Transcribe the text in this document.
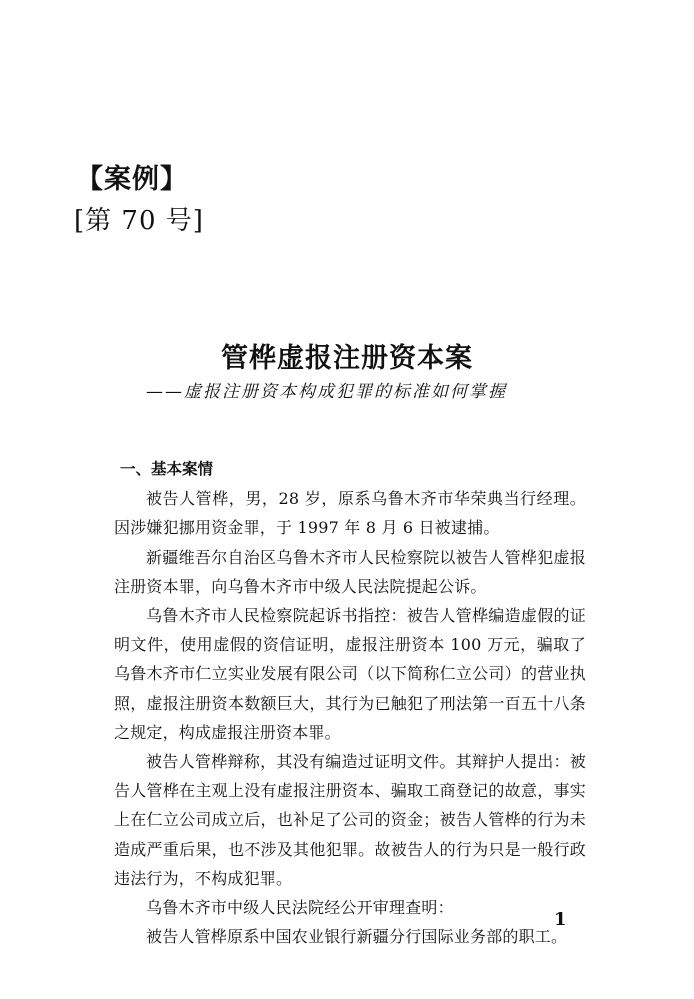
【案例】
[第 70 号]
管桦虚报注册资本案
——虚报注册资本构成犯罪的标准如何掌握
一、基本案情

被告人管桦，男，28 岁，原系乌鲁木齐市华荣典当行经理。因涉嫌犯挪用资金罪，于 1997 年 8 月 6 日被逮捕。

新疆维吾尔自治区乌鲁木齐市人民检察院以被告人管桦犯虚报注册资本罪，向乌鲁木齐市中级人民法院提起公诉。

乌鲁木齐市人民检察院起诉书指控：被告人管桦编造虚假的证明文件，使用虚假的资信证明，虚报注册资本 100 万元，骗取了乌鲁木齐市仁立实业发展有限公司（以下简称仁立公司）的营业执照，虚报注册资本数额巨大，其行为已触犯了刑法第一百五十八条之规定，构成虚报注册资本罪。

被告人管桦辩称，其没有编造过证明文件。其辩护人提出：被告人管桦在主观上没有虚报注册资本、骗取工商登记的故意，事实上在仁立公司成立后，也补足了公司的资金；被告人管桦的行为未造成严重后果，也不涉及其他犯罪。故被告人的行为只是一般行政违法行为，不构成犯罪。

乌鲁木齐市中级人民法院经公开审理查明：

被告人管桦原系中国农业银行新疆分行国际业务部的职工。

1
